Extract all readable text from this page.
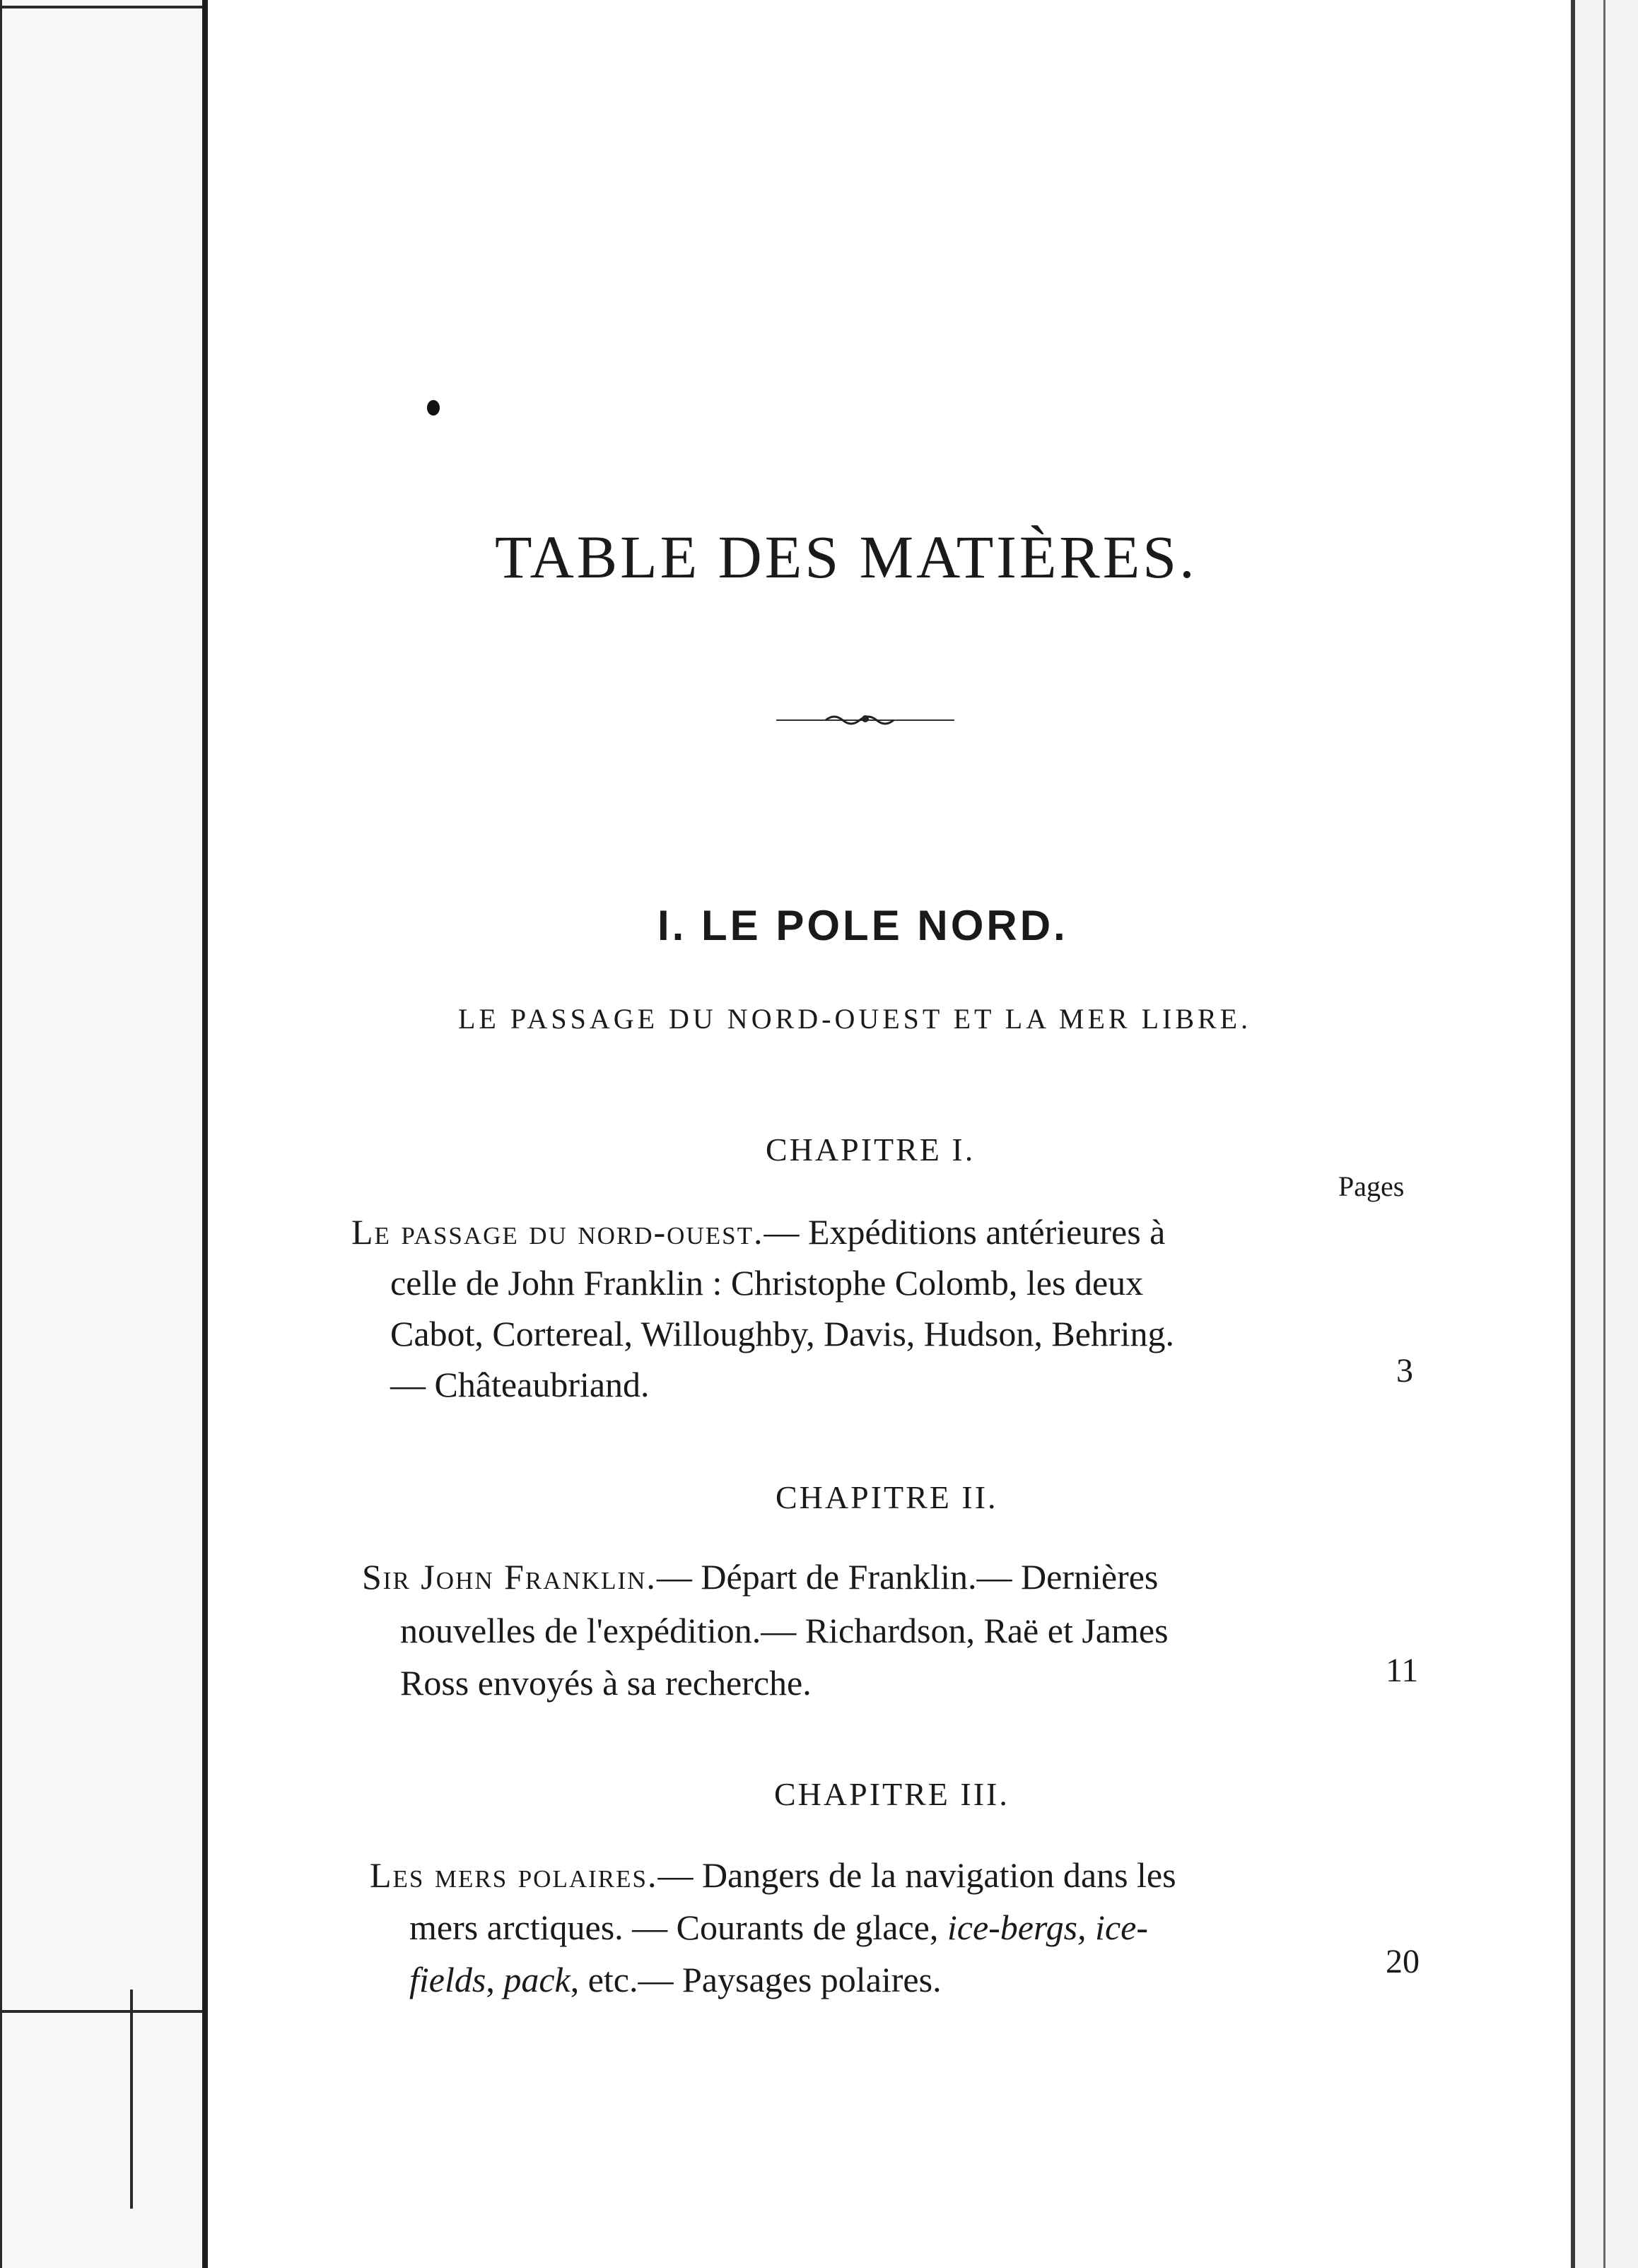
TABLE DES MATIÈRES.
I. LE POLE NORD.
LE PASSAGE DU NORD-OUEST ET LA MER LIBRE.
CHAPITRE I.
Pages
Le passage du nord-ouest.— Expéditions antérieures à
celle de John Franklin : Christophe Colomb, les deux
Cabot, Cortereal, Willoughby, Davis, Hudson, Behring.
— Châteaubriand.	3
CHAPITRE II.
Sir John Franklin.— Départ de Franklin.— Dernières
nouvelles de l'expédition.— Richardson, Raë et James
Ross envoyés à sa recherche.	11
CHAPITRE III.
Les mers polaires.— Dangers de la navigation dans les
mers arctiques. — Courants de glace, ice-bergs, ice-
fields, pack, etc.— Paysages polaires.	20
